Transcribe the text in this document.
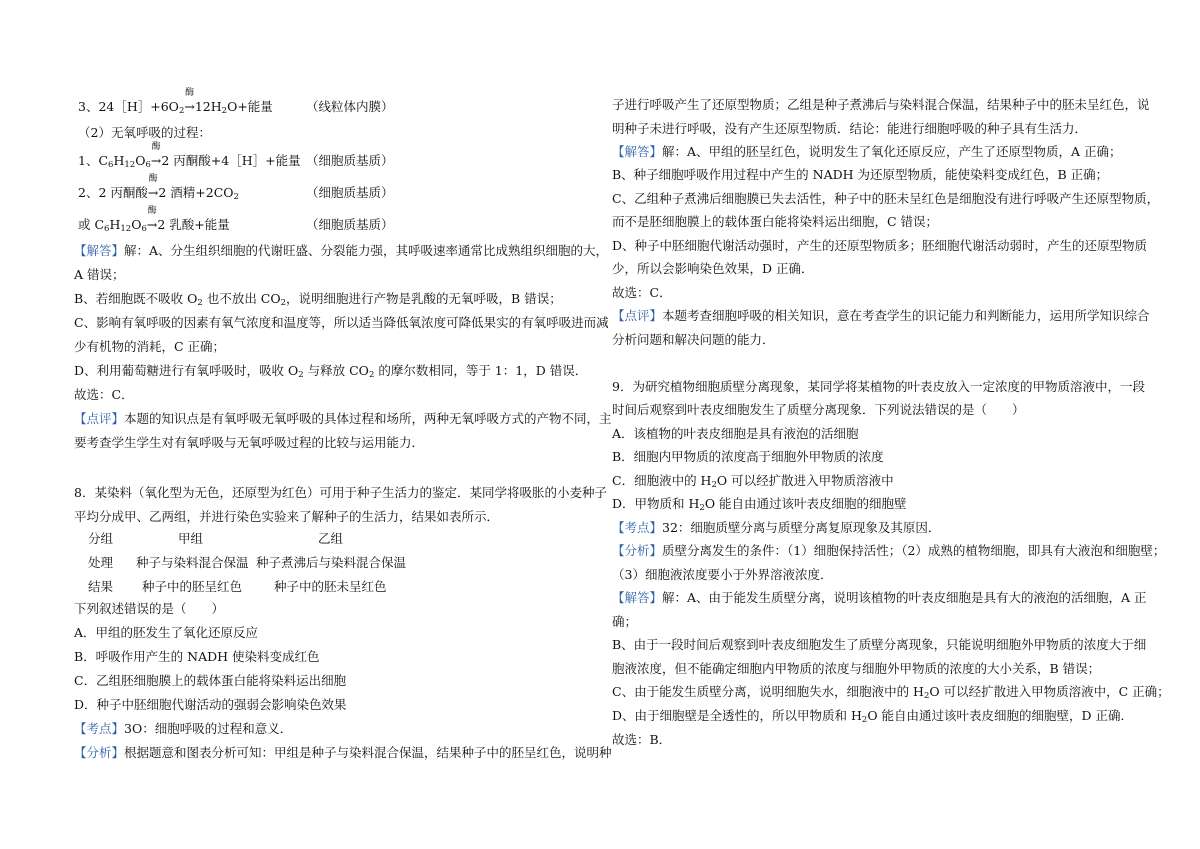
3、$24[H]+6O_2$
酶
$\to 12H_2O+$能量	（线粒体内膜）
（2）无氧呼吸的过程：
1、$C_6H_{12}O_6$
酶
→2 丙酮酸+4［H］+能量 （细胞质基质）
2、2 丙酮酸
酶
→2 酒精$+2CO_2$	（细胞质基质）
或 $C_6H_{12}O_6$
酶
→2 乳酸+能量	（细胞质基质）
【解答】解：A、分生组织细胞的代谢旺盛、分裂能力强，其呼吸速率通常比成熟组织细胞的大，
A 错误；
B、若细胞既不吸收 $O_2$ 也不放出 $CO_2$，说明细胞进行产物是乳酸的无氧呼吸，B 错误；
C、影响有氧呼吸的因素有氧气浓度和温度等，所以适当降低氧浓度可降低果实的有氧呼吸进而减
少有机物的消耗，C 正确；
D、利用葡萄糖进行有氧呼吸时，吸收 $O_2$ 与释放 $CO_2$ 的摩尔数相同，等于 1：1，D 错误．
故选：C．
【点评】本题的知识点是有氧呼吸无氧呼吸的具体过程和场所，两种无氧呼吸方式的产物不同，主
要考查学生学生对有氧呼吸与无氧呼吸过程的比较与运用能力．
8．某染料（氧化型为无色，还原型为红色）可用于种子生活力的鉴定．某同学将吸胀的小麦种子
平均分成甲、乙两组，并进行染色实验来了解种子的生活力，结果如表所示．
分组	甲组	乙组
处理 种子与染料混合保温 种子煮沸后与染料混合保温
结果 种子中的胚呈红色	种子中的胚未呈红色
下列叙述错误的是（　　）
A．甲组的胚发生了氧化还原反应
B．呼吸作用产生的 NADH 使染料变成红色
C．乙组胚细胞膜上的载体蛋白能将染料运出细胞
D．种子中胚细胞代谢活动的强弱会影响染色效果
【考点】3O：细胞呼吸的过程和意义．
【分析】根据题意和图表分析可知：甲组是种子与染料混合保温，结果种子中的胚呈红色，说明种
子进行呼吸产生了还原型物质；乙组是种子煮沸后与染料混合保温，结果种子中的胚未呈红色，说
明种子未进行呼吸，没有产生还原型物质．结论：能进行细胞呼吸的种子具有生活力．
【解答】解：A、甲组的胚呈红色，说明发生了氧化还原反应，产生了还原型物质，A 正确；
B、种子细胞呼吸作用过程中产生的 NADH 为还原型物质，能使染料变成红色，B 正确；
C、乙组种子煮沸后细胞膜已失去活性，种子中的胚未呈红色是细胞没有进行呼吸产生还原型物质，
而不是胚细胞膜上的载体蛋白能将染料运出细胞，C 错误；
D、种子中胚细胞代谢活动强时，产生的还原型物质多；胚细胞代谢活动弱时，产生的还原型物质
少，所以会影响染色效果，D 正确．
故选：C．
【点评】本题考查细胞呼吸的相关知识，意在考查学生的识记能力和判断能力，运用所学知识综合
分析问题和解决问题的能力．
9．为研究植物细胞质壁分离现象，某同学将某植物的叶表皮放入一定浓度的甲物质溶液中，一段
时间后观察到叶表皮细胞发生了质壁分离现象．下列说法错误的是（　　）
A．该植物的叶表皮细胞是具有液泡的活细胞
B．细胞内甲物质的浓度高于细胞外甲物质的浓度
C．细胞液中的 $H_2O$ 可以经扩散进入甲物质溶液中
D．甲物质和 $H_2O$ 能自由通过该叶表皮细胞的细胞壁
【考点】32：细胞质壁分离与质壁分离复原现象及其原因．
【分析】质壁分离发生的条件：（1）细胞保持活性；（2）成熟的植物细胞，即具有大液泡和细胞壁；
（3）细胞液浓度要小于外界溶液浓度．
【解答】解：A、由于能发生质壁分离，说明该植物的叶表皮细胞是具有大的液泡的活细胞，A 正
确；
B、由于一段时间后观察到叶表皮细胞发生了质壁分离现象，只能说明细胞外甲物质的浓度大于细
胞液浓度，但不能确定细胞内甲物质的浓度与细胞外甲物质的浓度的大小关系，B 错误；
C、由于能发生质壁分离，说明细胞失水，细胞液中的 $H_2O$ 可以经扩散进入甲物质溶液中，C 正确；
D、由于细胞壁是全透性的，所以甲物质和 $H_2O$ 能自由通过该叶表皮细胞的细胞壁，D 正确．
故选：B．
